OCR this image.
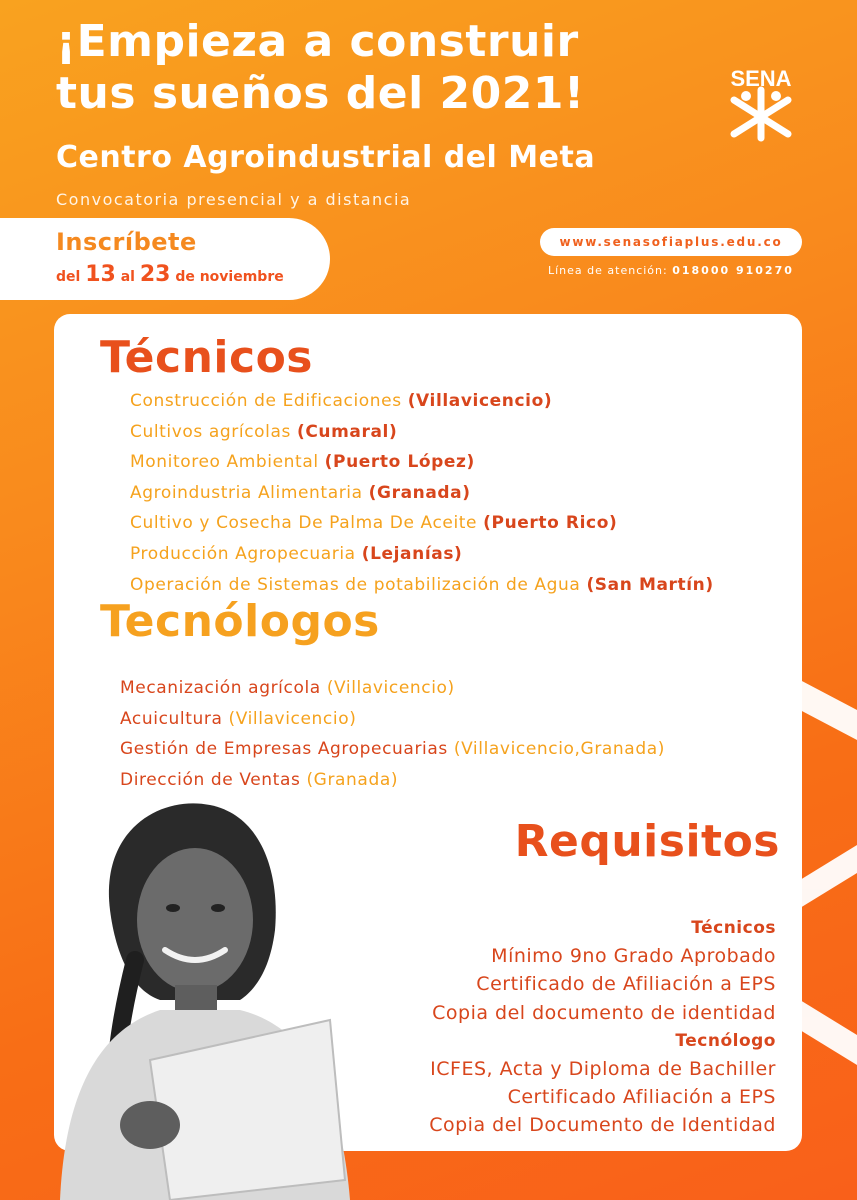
¡Empieza a construir
tus sueños del 2021!
Centro Agroindustrial del Meta
Convocatoria presencial y a distancia
SENA
Inscríbete
del 13 al 23 de noviembre
www.senasofiaplus.edu.co
Línea de atención: 018000 910270
Técnicos
Construcción de Edificaciones (Villavicencio)
Cultivos agrícolas (Cumaral)
Monitoreo Ambiental (Puerto López)
Agroindustria Alimentaria (Granada)
Cultivo y Cosecha De Palma De Aceite (Puerto Rico)
Producción Agropecuaria (Lejanías)
Operación de Sistemas de potabilización de Agua (San Martín)
Tecnólogos
Mecanización agrícola (Villavicencio)
Acuicultura (Villavicencio)
Gestión de Empresas Agropecuarias (Villavicencio,Granada)
Dirección de Ventas (Granada)
Requisitos
Técnicos
Mínimo 9no Grado Aprobado
Certificado de Afiliación a EPS
Copia del documento de identidad
Tecnólogo
ICFES, Acta y Diploma de Bachiller
Certificado Afiliación a EPS
Copia del Documento de Identidad
